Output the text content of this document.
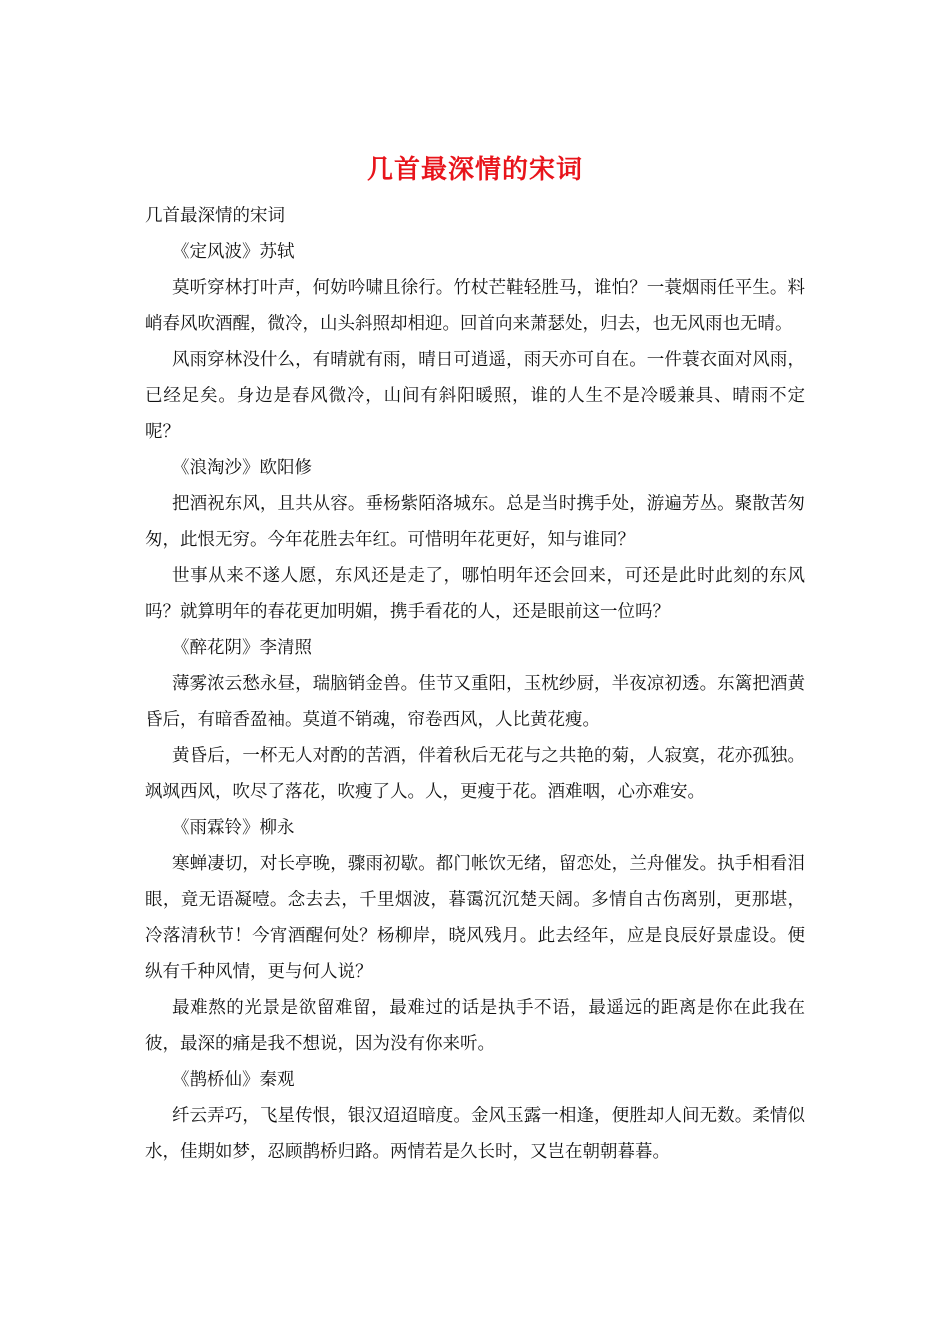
几首最深情的宋词

几首最深情的宋词

《定风波》苏轼

莫听穿林打叶声，何妨吟啸且徐行。竹杖芒鞋轻胜马，谁怕？一蓑烟雨任平生。料峭春风吹酒醒，微冷，山头斜照却相迎。回首向来萧瑟处，归去，也无风雨也无晴。

风雨穿林没什么，有晴就有雨，晴日可逍遥，雨天亦可自在。一件蓑衣面对风雨，已经足矣。身边是春风微冷，山间有斜阳暖照，谁的人生不是冷暖兼具、晴雨不定呢？

《浪淘沙》欧阳修

把酒祝东风，且共从容。垂杨紫陌洛城东。总是当时携手处，游遍芳丛。聚散苦匆匆，此恨无穷。今年花胜去年红。可惜明年花更好，知与谁同？

世事从来不遂人愿，东风还是走了，哪怕明年还会回来，可还是此时此刻的东风吗？就算明年的春花更加明媚，携手看花的人，还是眼前这一位吗？

《醉花阴》李清照

薄雾浓云愁永昼，瑞脑销金兽。佳节又重阳，玉枕纱厨，半夜凉初透。东篱把酒黄昏后，有暗香盈袖。莫道不销魂，帘卷西风，人比黄花瘦。

黄昏后，一杯无人对酌的苦酒，伴着秋后无花与之共艳的菊，人寂寞，花亦孤独。飒飒西风，吹尽了落花，吹瘦了人。人，更瘦于花。酒难咽，心亦难安。

《雨霖铃》柳永

寒蝉凄切，对长亭晚，骤雨初歇。都门帐饮无绪，留恋处，兰舟催发。执手相看泪眼，竟无语凝噎。念去去，千里烟波，暮霭沉沉楚天阔。多情自古伤离别，更那堪，冷落清秋节！今宵酒醒何处？杨柳岸，晓风残月。此去经年，应是良辰好景虚设。便纵有千种风情，更与何人说？

最难熬的光景是欲留难留，最难过的话是执手不语，最遥远的距离是你在此我在彼，最深的痛是我不想说，因为没有你来听。

《鹊桥仙》秦观

纤云弄巧，飞星传恨，银汉迢迢暗度。金风玉露一相逢，便胜却人间无数。柔情似水，佳期如梦，忍顾鹊桥归路。两情若是久长时，又岂在朝朝暮暮。
